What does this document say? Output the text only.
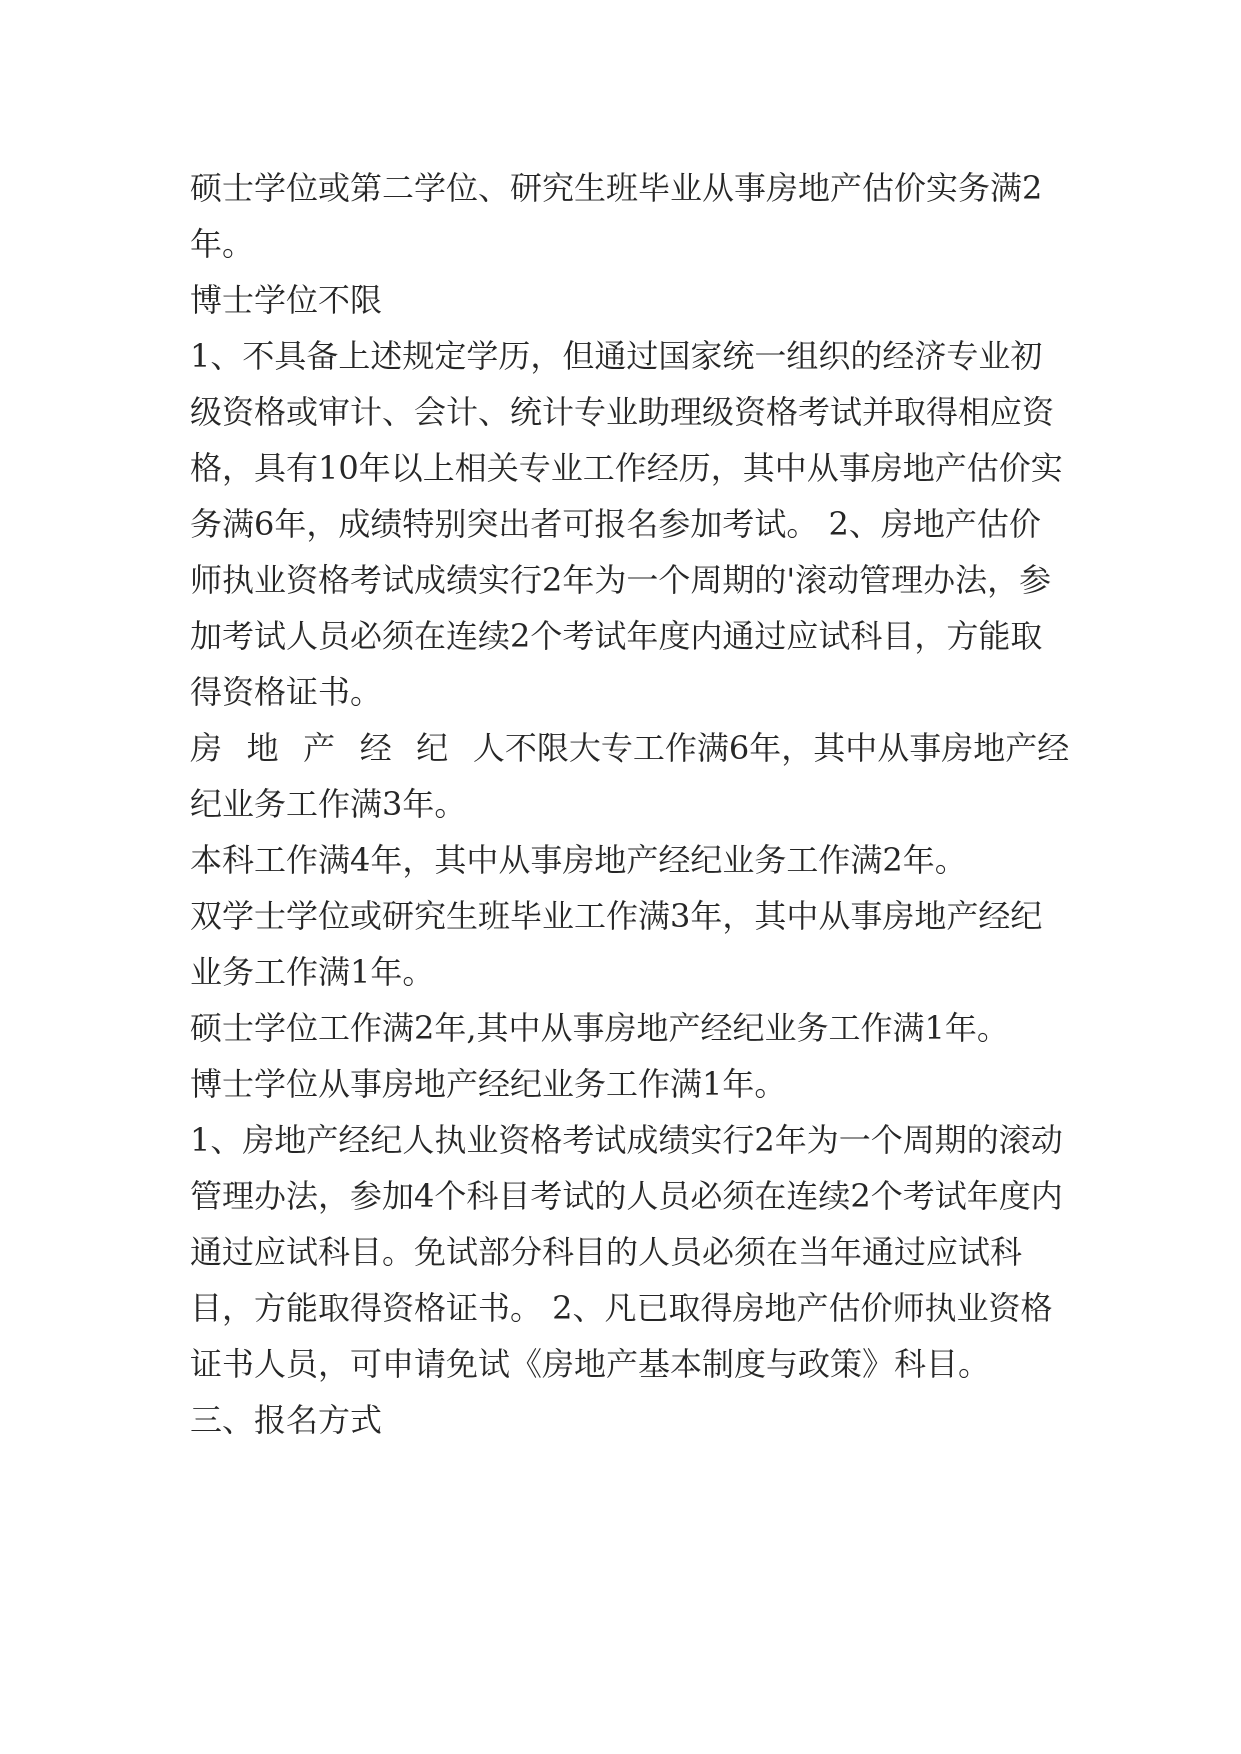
硕士学位或第二学位、研究生班毕业从事房地产估价实务满2年。

博士学位不限

1、不具备上述规定学历，但通过国家统一组织的经济专业初级资格或审计、会计、统计专业助理级资格考试并取得相应资格，具有10年以上相关专业工作经历，其中从事房地产估价实务满6年，成绩特别突出者可报名参加考试。 2、房地产估价师执业资格考试成绩实行2年为一个周期的'滚动管理办法，参加考试人员必须在连续2个考试年度内通过应试科目，方能取得资格证书。

房 地 产 经 纪 人不限大专工作满6年，其中从事房地产经纪业务工作满3年。

本科工作满4年，其中从事房地产经纪业务工作满2年。

双学士学位或研究生班毕业工作满3年，其中从事房地产经纪业务工作满1年。

硕士学位工作满2年,其中从事房地产经纪业务工作满1年。

博士学位从事房地产经纪业务工作满1年。

1、房地产经纪人执业资格考试成绩实行2年为一个周期的滚动管理办法，参加4个科目考试的人员必须在连续2个考试年度内通过应试科目。免试部分科目的人员必须在当年通过应试科目，方能取得资格证书。 2、凡已取得房地产估价师执业资格证书人员，可申请免试《房地产基本制度与政策》科目。

三、报名方式
